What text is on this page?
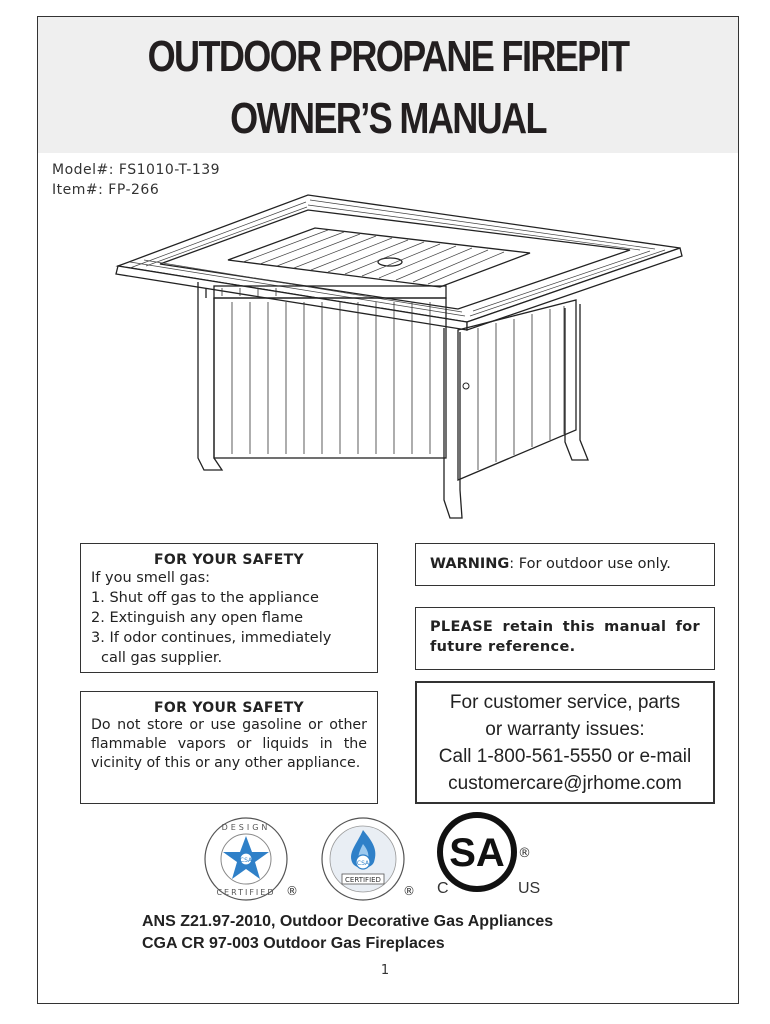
OUTDOOR PROPANE FIREPIT
OWNER’S MANUAL
Model#: FS1010-T-139
Item#: FP-266
FOR YOUR SAFETY
If you smell gas:
1. Shut off gas to the appliance
2. Extinguish any open flame
3. If odor continues, immediately
call gas supplier.
FOR YOUR SAFETY
Do not store or use gasoline or other flammable vapors or liquids in the vicinity of this or any other appliance.
WARNING: For outdoor use only.
PLEASE retain this manual for future reference.
For customer service, parts
or warranty issues:
Call 1-800-561-5550 or e-mail
customercare@jrhome.com
CSA
DESIGN
CERTIFIED ®
CSA
CERTIFIED
®
SA ®
C	US
ANS Z21.97-2010, Outdoor Decorative Gas Appliances
CGA CR 97-003 Outdoor Gas Fireplaces
1
